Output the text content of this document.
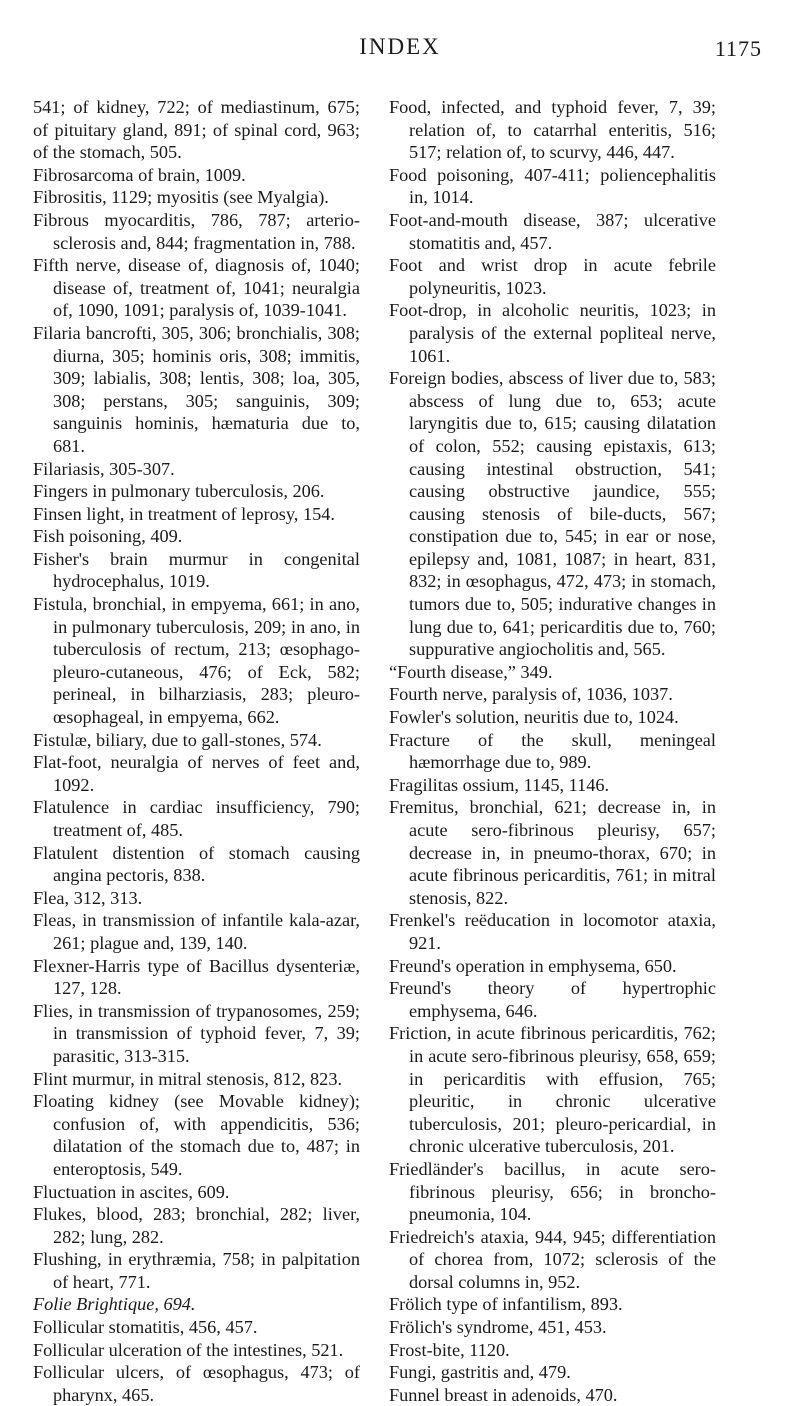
INDEX	1175

541; of kidney, 722; of mediastinum, 675; of pituitary gland, 891; of spinal cord, 963; of the stomach, 505.

Fibrosarcoma of brain, 1009.

Fibrositis, 1129; myositis (see Myalgia).

Fibrous myocarditis, 786, 787; arterio-sclerosis and, 844; fragmentation in, 788.

Fifth nerve, disease of, diagnosis of, 1040; disease of, treatment of, 1041; neuralgia of, 1090, 1091; paralysis of, 1039-1041.

Filaria bancrofti, 305, 306; bronchialis, 308; diurna, 305; hominis oris, 308; immitis, 309; labialis, 308; lentis, 308; loa, 305, 308; perstans, 305; sanguinis, 309; sanguinis hominis, hæmaturia due to, 681.

Filariasis, 305-307.

Fingers in pulmonary tuberculosis, 206.

Finsen light, in treatment of leprosy, 154.

Fish poisoning, 409.

Fisher's brain murmur in congenital hydrocephalus, 1019.

Fistula, bronchial, in empyema, 661; in ano, in pulmonary tuberculosis, 209; in ano, in tuberculosis of rectum, 213; œsophago-pleuro-cutaneous, 476; of Eck, 582; perineal, in bilharziasis, 283; pleuro-œsophageal, in empyema, 662.

Fistulæ, biliary, due to gall-stones, 574.

Flat-foot, neuralgia of nerves of feet and, 1092.

Flatulence in cardiac insufficiency, 790; treatment of, 485.

Flatulent distention of stomach causing angina pectoris, 838.

Flea, 312, 313.

Fleas, in transmission of infantile kala-azar, 261; plague and, 139, 140.

Flexner-Harris type of Bacillus dysenteriæ, 127, 128.

Flies, in transmission of trypanosomes, 259; in transmission of typhoid fever, 7, 39; parasitic, 313-315.

Flint murmur, in mitral stenosis, 812, 823.

Floating kidney (see Movable kidney); confusion of, with appendicitis, 536; dilatation of the stomach due to, 487; in enteroptosis, 549.

Fluctuation in ascites, 609.

Flukes, blood, 283; bronchial, 282; liver, 282; lung, 282.

Flushing, in erythræmia, 758; in palpitation of heart, 771.

Folie Brightique, 694.

Follicular stomatitis, 456, 457.

Follicular ulceration of the intestines, 521.

Follicular ulcers, of œsophagus, 473; of pharynx, 465.

Food, infected, and typhoid fever, 7, 39; relation of, to catarrhal enteritis, 516; 517; relation of, to scurvy, 446, 447.

Food poisoning, 407-411; poliencephalitis in, 1014.

Foot-and-mouth disease, 387; ulcerative stomatitis and, 457.

Foot and wrist drop in acute febrile polyneuritis, 1023.

Foot-drop, in alcoholic neuritis, 1023; in paralysis of the external popliteal nerve, 1061.

Foreign bodies, abscess of liver due to, 583; abscess of lung due to, 653; acute laryngitis due to, 615; causing dilatation of colon, 552; causing epistaxis, 613; causing intestinal obstruction, 541; causing obstructive jaundice, 555; causing stenosis of bile-ducts, 567; constipation due to, 545; in ear or nose, epilepsy and, 1081, 1087; in heart, 831, 832; in œsophagus, 472, 473; in stomach, tumors due to, 505; indurative changes in lung due to, 641; pericarditis due to, 760; suppurative angiocholitis and, 565.

“Fourth disease,” 349.

Fourth nerve, paralysis of, 1036, 1037.

Fowler's solution, neuritis due to, 1024.

Fracture of the skull, meningeal hæmorrhage due to, 989.

Fragilitas ossium, 1145, 1146.

Fremitus, bronchial, 621; decrease in, in acute sero-fibrinous pleurisy, 657; decrease in, in pneumo-thorax, 670; in acute fibrinous pericarditis, 761; in mitral stenosis, 822.

Frenkel's reëducation in locomotor ataxia, 921.

Freund's operation in emphysema, 650.

Freund's theory of hypertrophic emphysema, 646.

Friction, in acute fibrinous pericarditis, 762; in acute sero-fibrinous pleurisy, 658, 659; in pericarditis with effusion, 765; pleuritic, in chronic ulcerative tuberculosis, 201; pleuro-pericardial, in chronic ulcerative tuberculosis, 201.

Friedländer's bacillus, in acute sero-fibrinous pleurisy, 656; in broncho-pneumonia, 104.

Friedreich's ataxia, 944, 945; differentiation of chorea from, 1072; sclerosis of the dorsal columns in, 952.

Frölich type of infantilism, 893.

Frölich's syndrome, 451, 453.

Frost-bite, 1120.

Fungi, gastritis and, 479.

Funnel breast in adenoids, 470.
